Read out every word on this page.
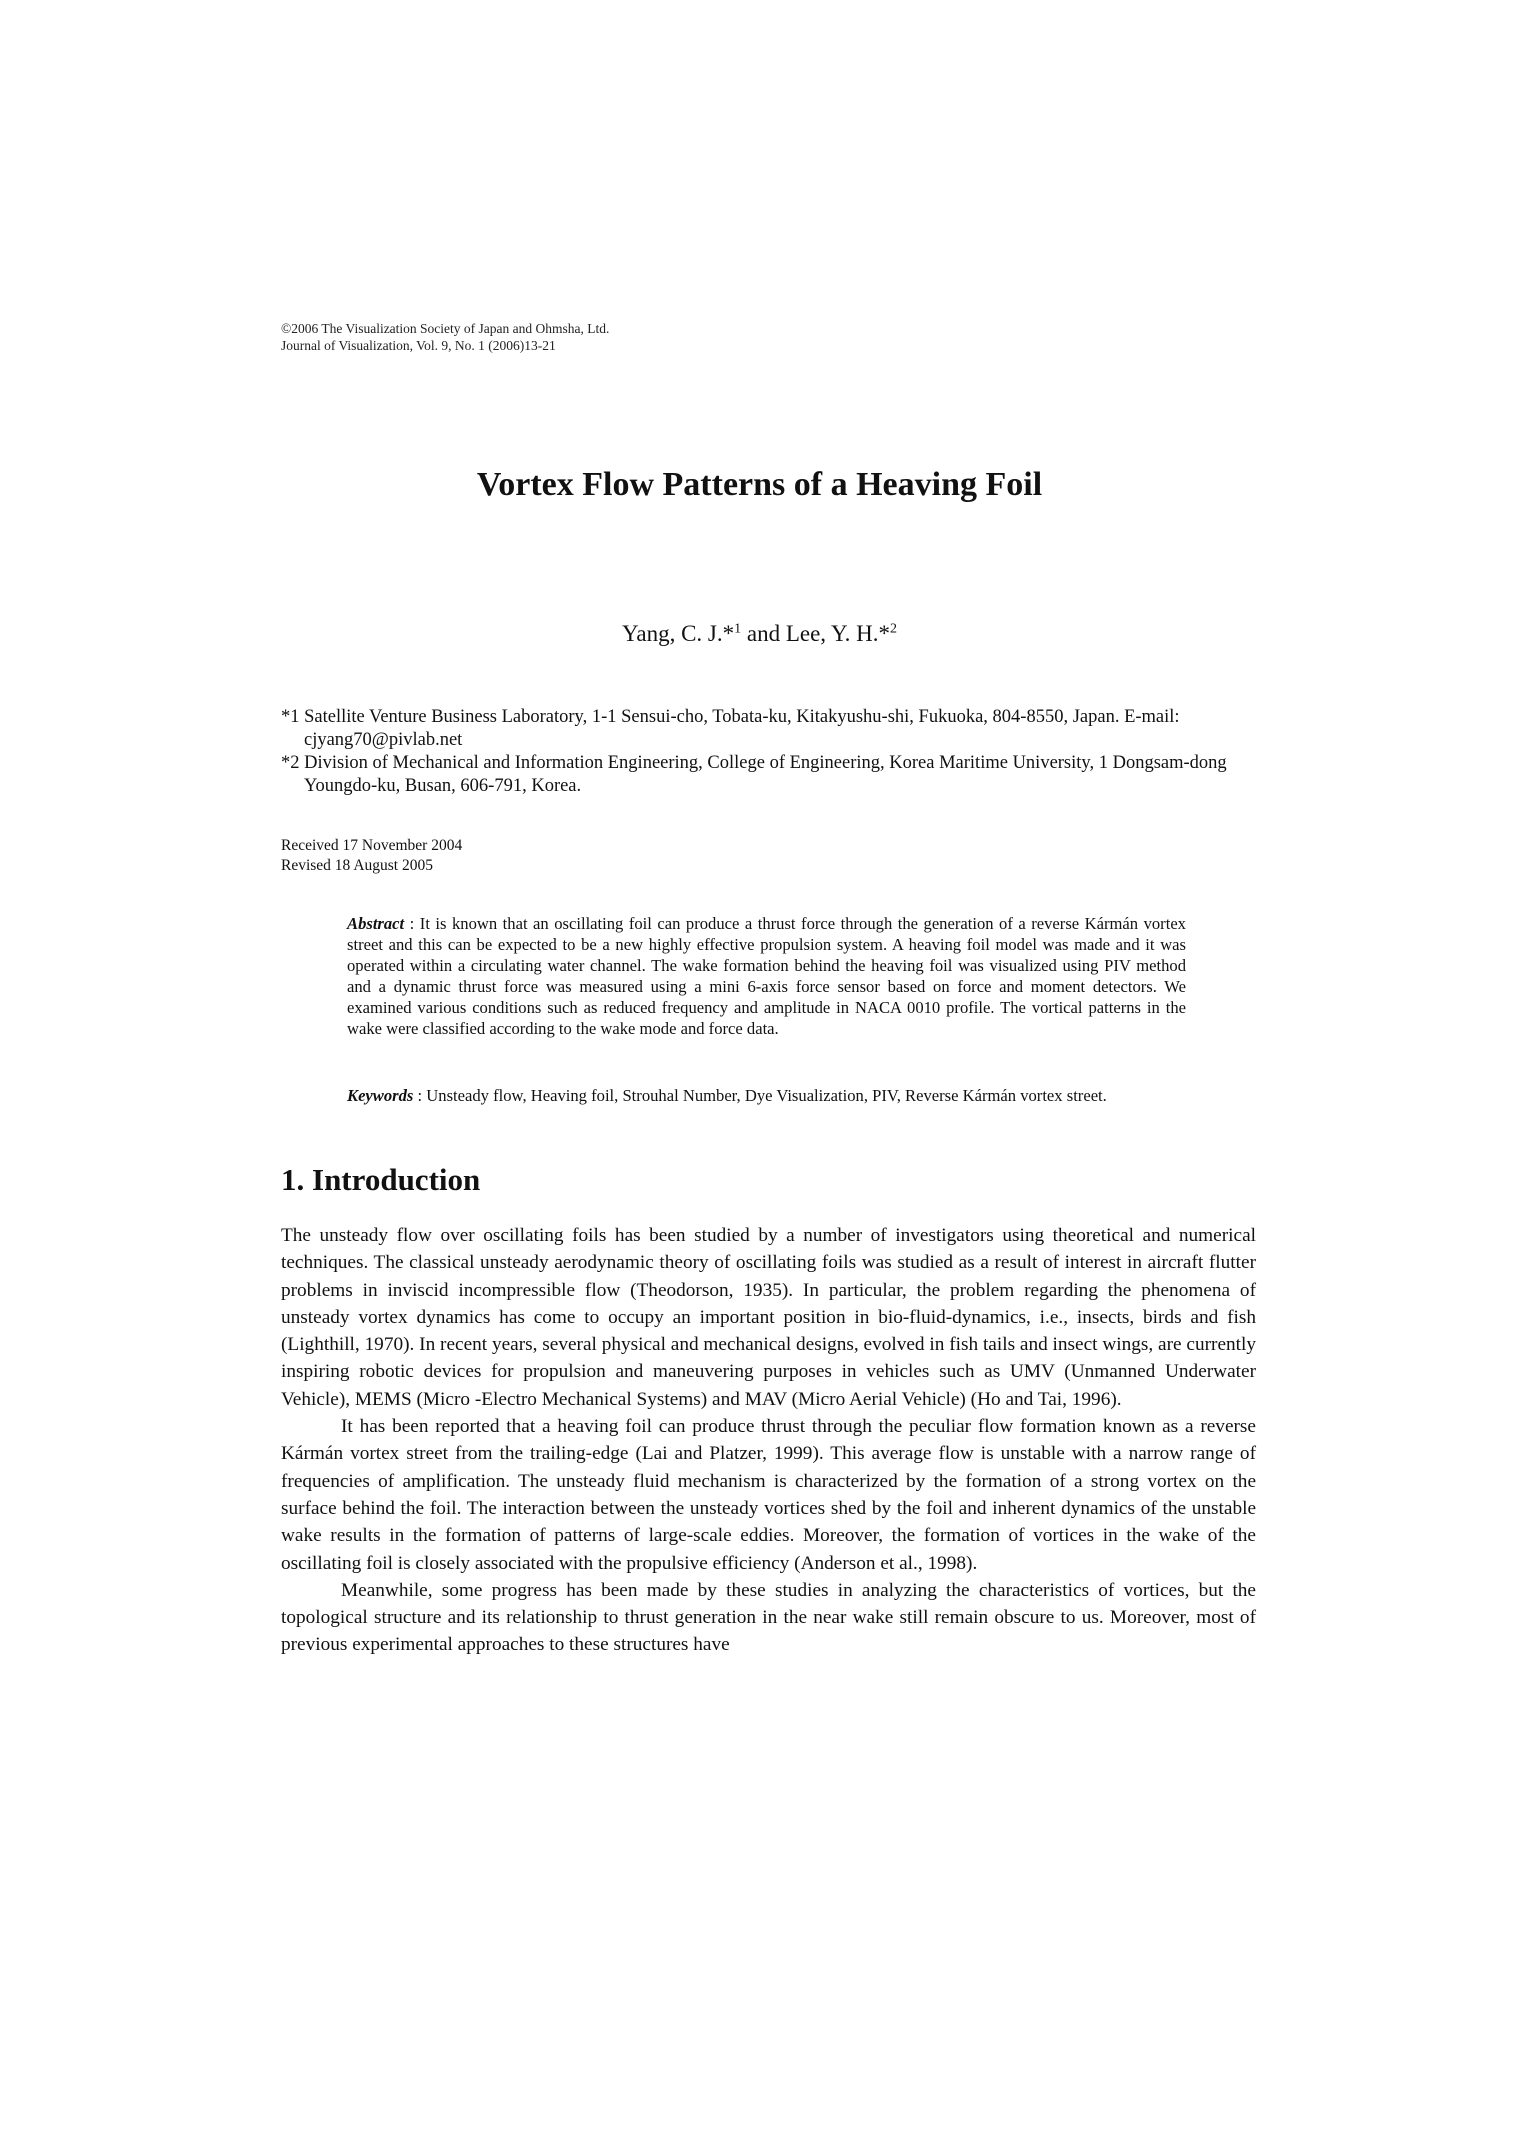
©2006 The Visualization Society of Japan and Ohmsha, Ltd.
Journal of Visualization, Vol. 9, No. 1 (2006)13-21
Vortex Flow Patterns of a Heaving Foil
Yang, C. J.*$^1$ and Lee, Y. H.*$^2$
*1 Satellite Venture Business Laboratory, 1-1 Sensui-cho, Tobata-ku, Kitakyushu-shi, Fukuoka, 804-8550, Japan. E-mail: cjyang70@pivlab.net
*2 Division of Mechanical and Information Engineering, College of Engineering, Korea Maritime University, 1 Dongsam-dong Youngdo-ku, Busan, 606-791, Korea.
Received 17 November 2004
Revised 18 August 2005
Abstract : It is known that an oscillating foil can produce a thrust force through the generation of a reverse Kármán vortex street and this can be expected to be a new highly effective propulsion system. A heaving foil model was made and it was operated within a circulating water channel. The wake formation behind the heaving foil was visualized using PIV method and a dynamic thrust force was measured using a mini 6-axis force sensor based on force and moment detectors. We examined various conditions such as reduced frequency and amplitude in NACA 0010 profile. The vortical patterns in the wake were classified according to the wake mode and force data.
Keywords : Unsteady flow, Heaving foil, Strouhal Number, Dye Visualization, PIV, Reverse Kármán vortex street.
1. Introduction

The unsteady flow over oscillating foils has been studied by a number of investigators using theoretical and numerical techniques. The classical unsteady aerodynamic theory of oscillating foils was studied as a result of interest in aircraft flutter problems in inviscid incompressible flow (Theodorson, 1935). In particular, the problem regarding the phenomena of unsteady vortex dynamics has come to occupy an important position in bio-fluid-dynamics, i.e., insects, birds and fish (Lighthill, 1970). In recent years, several physical and mechanical designs, evolved in fish tails and insect wings, are currently inspiring robotic devices for propulsion and maneuvering purposes in vehicles such as UMV (Unmanned Underwater Vehicle), MEMS (Micro -Electro Mechanical Systems) and MAV (Micro Aerial Vehicle) (Ho and Tai, 1996).

It has been reported that a heaving foil can produce thrust through the peculiar flow formation known as a reverse Kármán vortex street from the trailing-edge (Lai and Platzer, 1999). This average flow is unstable with a narrow range of frequencies of amplification. The unsteady fluid mechanism is characterized by the formation of a strong vortex on the surface behind the foil. The interaction between the unsteady vortices shed by the foil and inherent dynamics of the unstable wake results in the formation of patterns of large-scale eddies. Moreover, the formation of vortices in the wake of the oscillating foil is closely associated with the propulsive efficiency (Anderson et al., 1998).

Meanwhile, some progress has been made by these studies in analyzing the characteristics of vortices, but the topological structure and its relationship to thrust generation in the near wake still remain obscure to us. Moreover, most of previous experimental approaches to these structures have
